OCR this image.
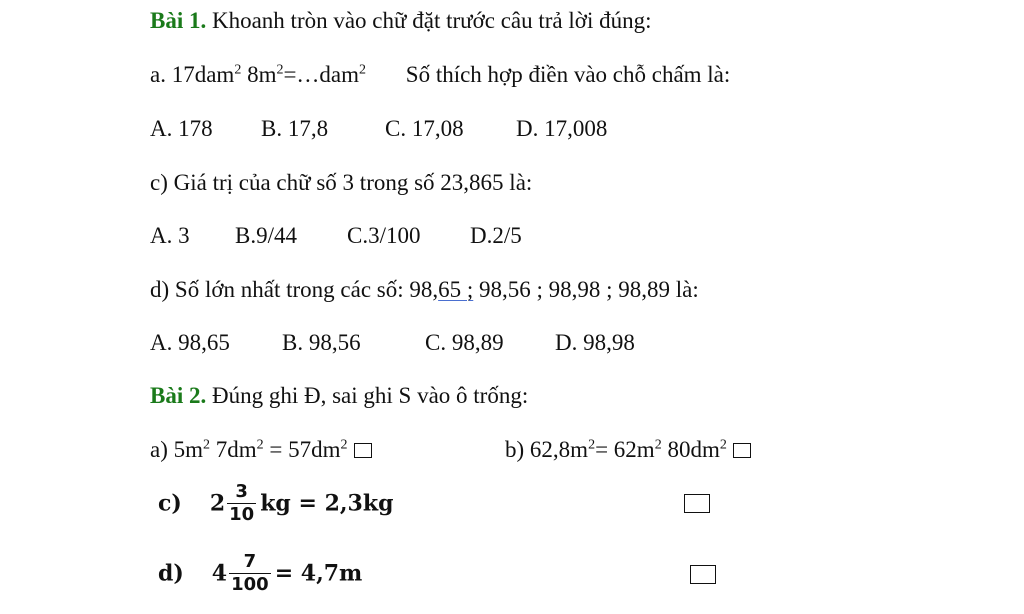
Bài 1. Khoanh tròn vào chữ đặt trước câu trả lời đúng:
a. 17dam$^2$ $8m^2=\dots dam^2$ Số thích hợp điền vào chỗ chấm là:
A. 178 B. 17,8 C. 17,08 D. 17,008
c) Giá trị của chữ số 3 trong số 23,865 là:
A. 3 B.9/44 C.3/100 D.2/5
d) Số lớn nhất trong các số: 98,65 ; 98,56 ; 98,98 ; 98,89 là:
A. 98,65 B. 98,56	C. 98,89 D. 98,98
Bài 2. Đúng ghi Đ, sai ghi S vào ô trống:
a) $5m^2$ $7dm^2 = 57dm^2$	b) $62,8m^2= 62m^2$ $80dm^2$
c) $2 \frac{3}{10}$ kg = 2,3kg
d) $4 \frac{7}{100} = 4,7m$
